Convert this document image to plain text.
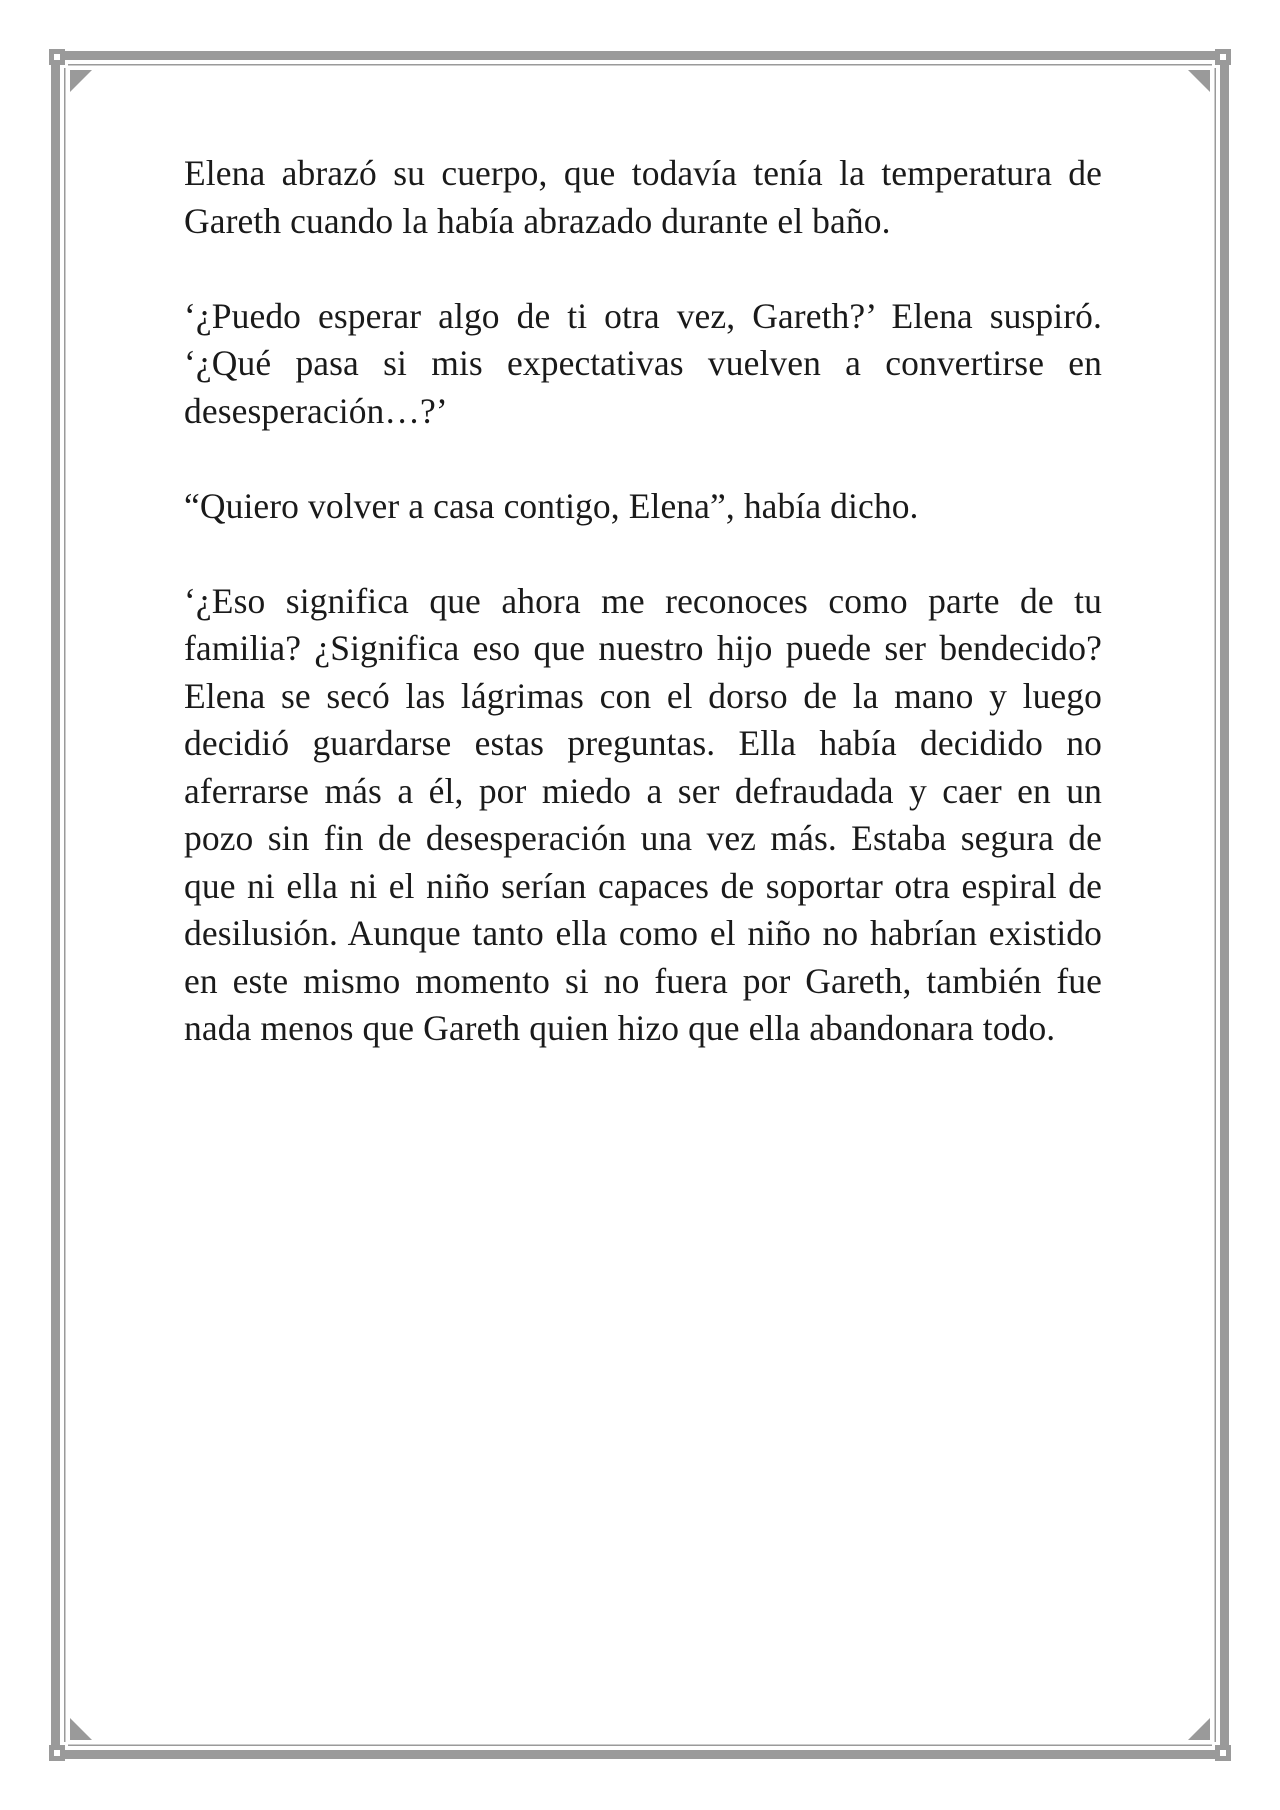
Elena abrazó su cuerpo, que todavía tenía la temperatura de Gareth cuando la había abrazado durante el baño.

‘¿Puedo esperar algo de ti otra vez, Gareth?’ Elena suspiró. ‘¿Qué pasa si mis expectativas vuelven a convertirse en desesperación…?’

“Quiero volver a casa contigo, Elena”, había dicho.

‘¿Eso significa que ahora me reconoces como parte de tu familia? ¿Significa eso que nuestro hijo puede ser bendecido? Elena se secó las lágrimas con el dorso de la mano y luego decidió guardarse estas preguntas. Ella había decidido no aferrarse más a él, por miedo a ser defraudada y caer en un pozo sin fin de desesperación una vez más. Estaba segura de que ni ella ni el niño serían capaces de soportar otra espiral de desilusión. Aunque tanto ella como el niño no habrían existido en este mismo momento si no fuera por Gareth, también fue nada menos que Gareth quien hizo que ella abandonara todo.
